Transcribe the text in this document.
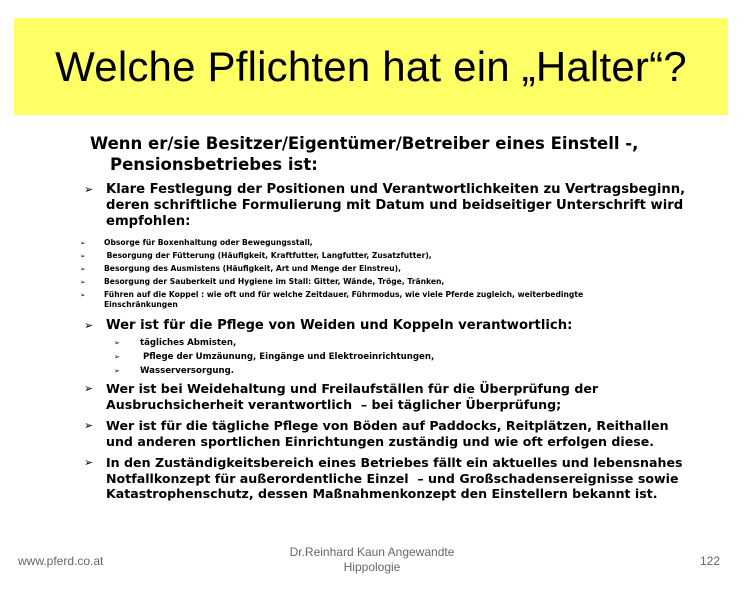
Welche Pflichten hat ein „Halter“?
Wenn er/sie Besitzer/Eigentümer/Betreiber eines Einstell -,
Pensionsbetriebes ist:
➢ Klare Festlegung der Positionen und Verantwortlichkeiten zu Vertragsbeginn,
deren schriftliche Formulierung mit Datum und beidseitiger Unterschrift wird
empfohlen:
➢	Obsorge für Boxenhaltung oder Bewegungsstall,
➢	Besorgung der Fütterung (Häufigkeit, Kraftfutter, Langfutter, Zusatzfutter),
➢	Besorgung des Ausmistens (Häufigkeit, Art und Menge der Einstreu),
➢	Besorgung der Sauberkeit und Hygiene im Stall: Gitter, Wände, Tröge, Tränken,
➢	Führen auf die Koppel : wie oft und für welche Zeitdauer, Führmodus, wie viele Pferde zugleich, weiterbedingte
Einschränkungen
➢ Wer ist für die Pflege von Weiden und Koppeln verantwortlich:
➢	tägliches Abmisten,
➢	Pflege der Umzäunung, Eingänge und Elektroeinrichtungen,
➢	Wasserversorgung.
➢	Wer ist bei Weidehaltung und Freilaufställen für die Überprüfung der
Ausbruchsicherheit verantwortlich  – bei täglicher Überprüfung;
➢	Wer ist für die tägliche Pflege von Böden auf Paddocks, Reitplätzen, Reithallen
und anderen sportlichen Einrichtungen zuständig und wie oft erfolgen diese.
➢	In den Zuständigkeitsbereich eines Betriebes fällt ein aktuelles und lebensnahes
Notfallkonzept für außerordentliche Einzel  – und Großschadensereignisse sowie
Katastrophenschutz, dessen Maßnahmenkonzept den Einstellern bekannt ist.
www.pferd.co.at
Dr.Reinhard Kaun Angewandte
Hippologie	122
